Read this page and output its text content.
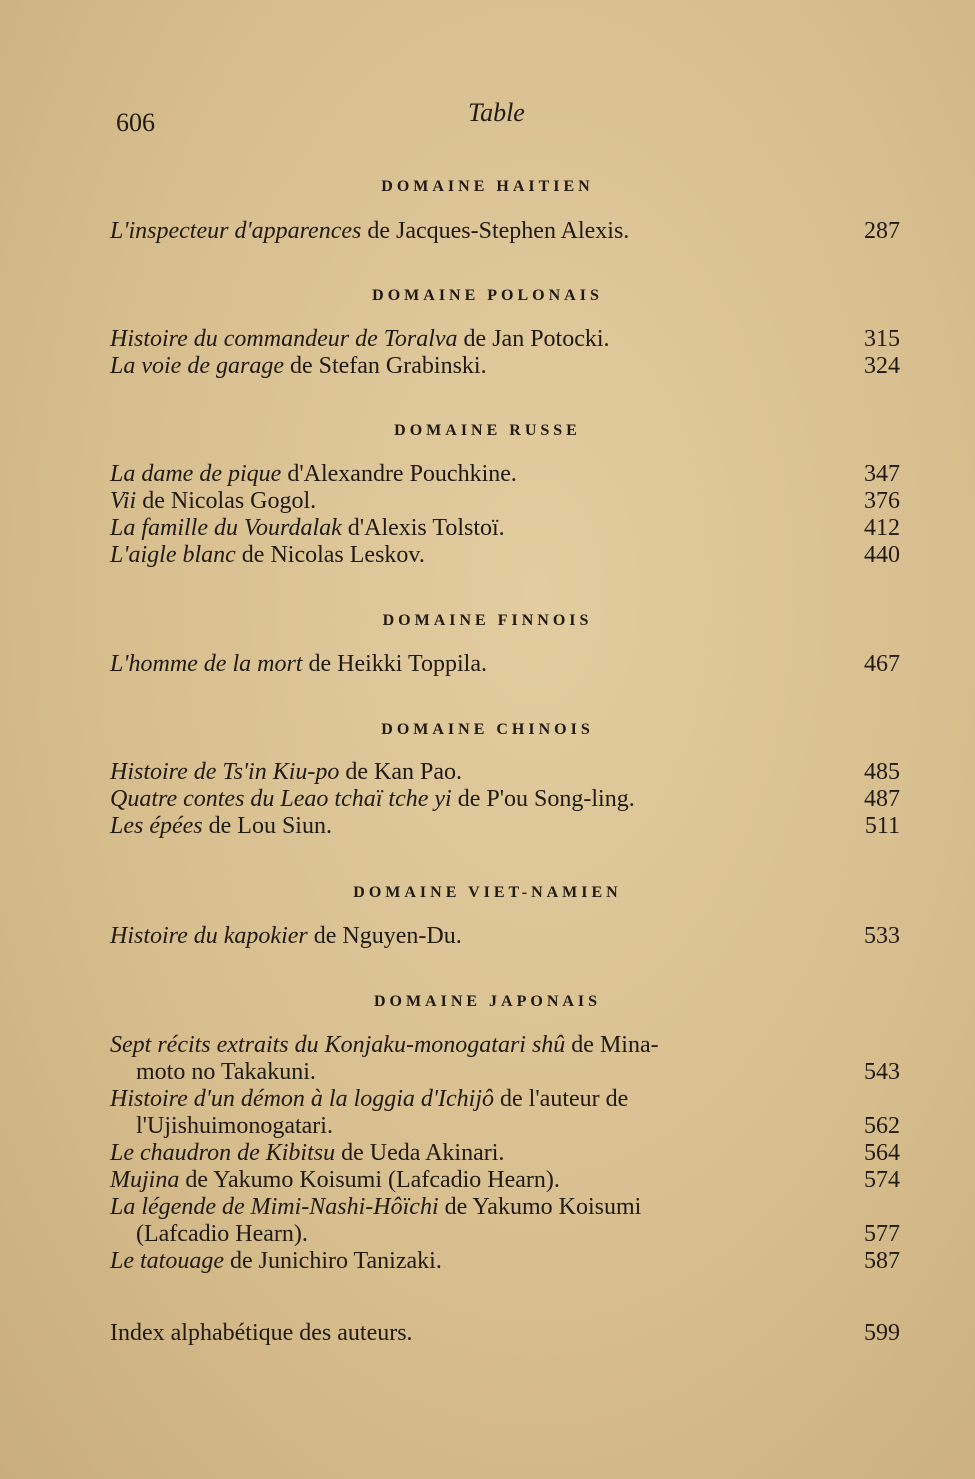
606	Table
DOMAINE HAITIEN
L'inspecteur d'apparences de Jacques-Stephen Alexis.	287
DOMAINE POLONAIS
Histoire du commandeur de Toralva de Jan Potocki.	315
La voie de garage de Stefan Grabinski.	324
DOMAINE RUSSE
La dame de pique d'Alexandre Pouchkine.	347
Vii de Nicolas Gogol.	376
La famille du Vourdalak d'Alexis Tolstoï.	412
L'aigle blanc de Nicolas Leskov.	440
DOMAINE FINNOIS
L'homme de la mort de Heikki Toppila.	467
DOMAINE CHINOIS
Histoire de Ts'in Kiu-po de Kan Pao.	485
Quatre contes du Leao tchaï tche yi de P'ou Song-ling.	487
Les épées de Lou Siun.	511
DOMAINE VIET-NAMIEN
Histoire du kapokier de Nguyen-Du.	533
DOMAINE JAPONAIS
Sept récits extraits du Konjaku-monogatari shû de Mina-
moto no Takakuni.	543
Histoire d'un démon à la loggia d'Ichijô de l'auteur de
l'Ujishuimonogatari.	562
Le chaudron de Kibitsu de Ueda Akinari.	564
Mujina de Yakumo Koisumi (Lafcadio Hearn).	574
La légende de Mimi-Nashi-Hôïchi de Yakumo Koisumi
(Lafcadio Hearn).	577
Le tatouage de Junichiro Tanizaki.	587
Index alphabétique des auteurs.	599
